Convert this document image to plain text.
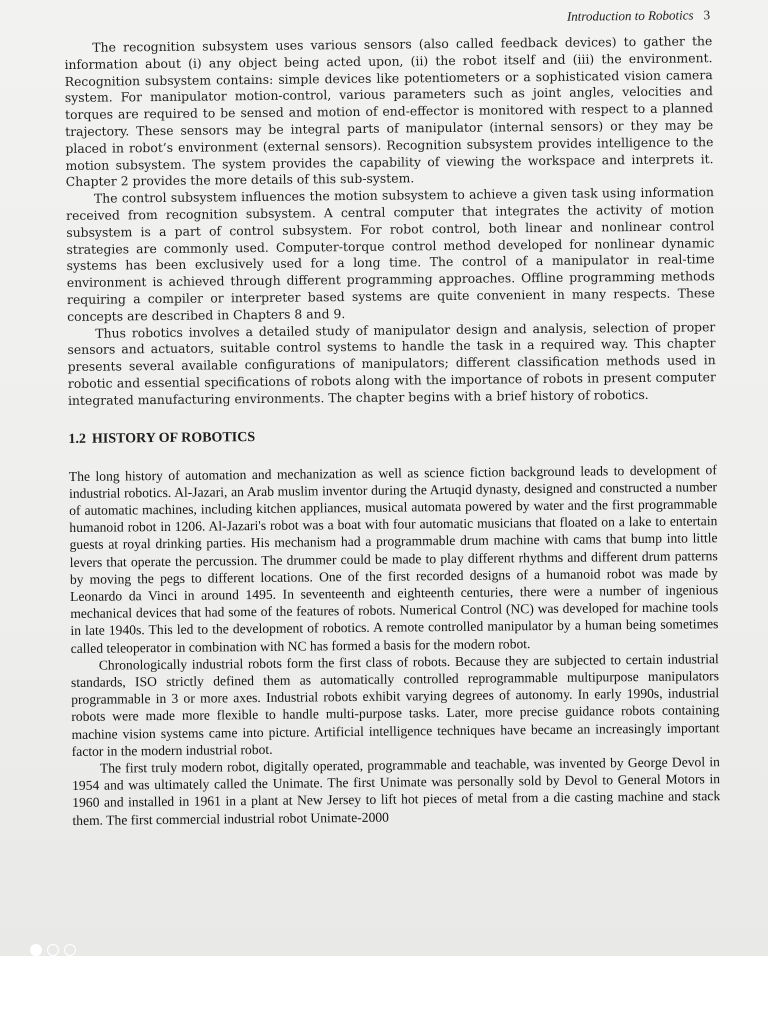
Introduction to Robotics 3

The recognition subsystem uses various sensors (also called feedback devices) to gather the information about (i) any object being acted upon, (ii) the robot itself and (iii) the environment. Recognition subsystem contains: simple devices like potentiometers or a sophisticated vision camera system. For manipulator motion-control, various parameters such as joint angles, velocities and torques are required to be sensed and motion of end-effector is monitored with respect to a planned trajectory. These sensors may be integral parts of manipulator (internal sensors) or they may be placed in robot’s environment (external sensors). Recognition subsystem provides intelligence to the motion subsystem. The system provides the capability of viewing the workspace and interprets it. Chapter 2 provides the more details of this sub-system.

The control subsystem influences the motion subsystem to achieve a given task using information received from recognition subsystem. A central computer that integrates the activity of motion subsystem is a part of control subsystem. For robot control, both linear and nonlinear control strategies are commonly used. Computer-torque control method developed for nonlinear dynamic systems has been exclusively used for a long time. The control of a manipulator in real-time environment is achieved through different programming approaches. Offline programming methods requiring a compiler or interpreter based systems are quite convenient in many respects. These concepts are described in Chapters 8 and 9.

Thus robotics involves a detailed study of manipulator design and analysis, selection of proper sensors and actuators, suitable control systems to handle the task in a required way. This chapter presents several available configurations of manipulators; different classification methods used in robotic and essential specifications of robots along with the importance of robots in present computer integrated manufacturing environments. The chapter begins with a brief history of robotics.

1.2 HISTORY OF ROBOTICS

The long history of automation and mechanization as well as science fiction background leads to development of industrial robotics. Al-Jazari, an Arab muslim inventor during the Artuqid dynasty, designed and constructed a number of automatic machines, including kitchen appliances, musical automata powered by water and the first programmable humanoid robot in 1206. Al-Jazari's robot was a boat with four automatic musicians that floated on a lake to entertain guests at royal drinking parties. His mechanism had a programmable drum machine with cams that bump into little levers that operate the percussion. The drummer could be made to play different rhythms and different drum patterns by moving the pegs to different locations. One of the first recorded designs of a humanoid robot was made by Leonardo da Vinci in around 1495. In seventeenth and eighteenth centuries, there were a number of ingenious mechanical devices that had some of the features of robots. Numerical Control (NC) was developed for machine tools in late 1940s. This led to the development of robotics. A remote controlled manipulator by a human being sometimes called teleoperator in combination with NC has formed a basis for the modern robot.

Chronologically industrial robots form the first class of robots. Because they are subjected to certain industrial standards, ISO strictly defined them as automatically controlled reprogrammable multipurpose manipulators programmable in 3 or more axes. Industrial robots exhibit varying degrees of autonomy. In early 1990s, industrial robots were made more flexible to handle multi-purpose tasks. Later, more precise guidance robots containing machine vision systems came into picture. Artificial intelligence techniques have became an increasingly important factor in the modern industrial robot.

The first truly modern robot, digitally operated, programmable and teachable, was invented by George Devol in 1954 and was ultimately called the Unimate. The first Unimate was personally sold by Devol to General Motors in 1960 and installed in 1961 in a plant at New Jersey to lift hot pieces of metal from a die casting machine and stack them. The first commercial industrial robot Unimate-2000
